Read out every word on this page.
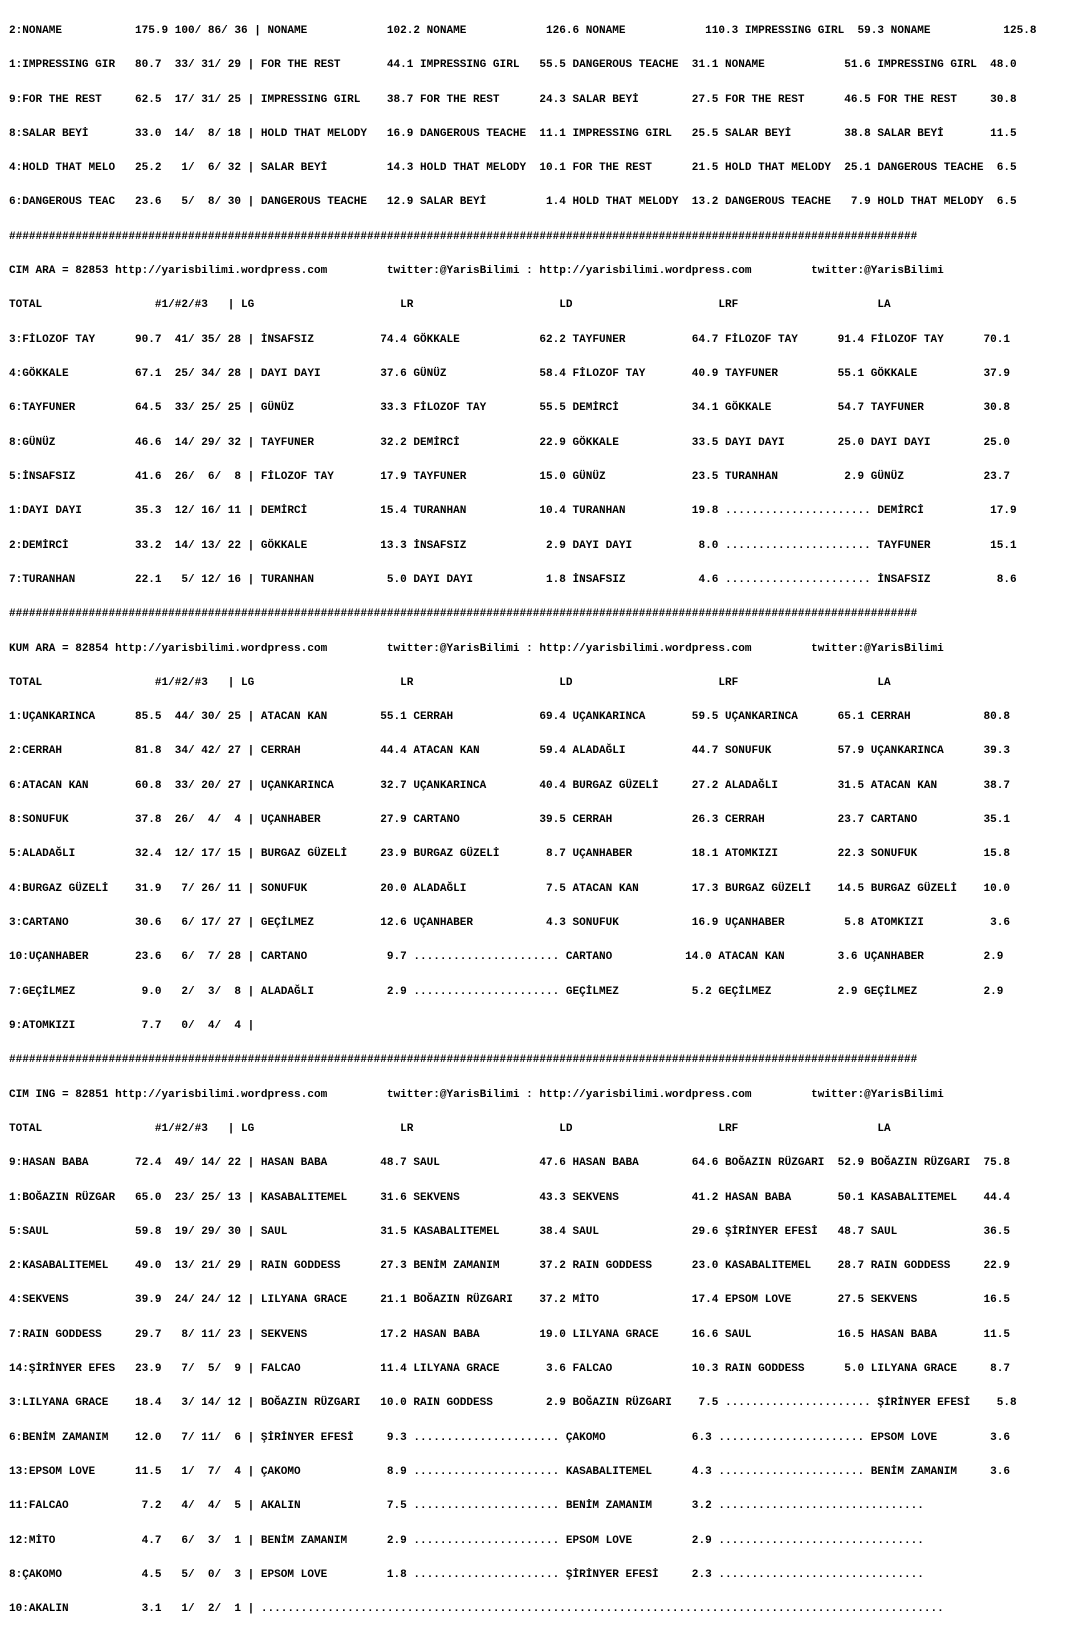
2:NONAME           175.9 100/ 86/ 36 | NONAME            102.2 NONAME            126.6 NONAME            110.3 IMPRESSING GIRL  59.3 NONAME           125.8

1:IMPRESSING GIR   80.7  33/ 31/ 29 | FOR THE REST       44.1 IMPRESSING GIRL   55.5 DANGEROUS TEACHE  31.1 NONAME            51.6 IMPRESSING GIRL  48.0

9:FOR THE REST     62.5  17/ 31/ 25 | IMPRESSING GIRL    38.7 FOR THE REST      24.3 SALAR BEYİ        27.5 FOR THE REST      46.5 FOR THE REST     30.8

8:SALAR BEYİ       33.0  14/  8/ 18 | HOLD THAT MELODY   16.9 DANGEROUS TEACHE  11.1 IMPRESSING GIRL   25.5 SALAR BEYİ        38.8 SALAR BEYİ       11.5

4:HOLD THAT MELO   25.2   1/  6/ 32 | SALAR BEYİ         14.3 HOLD THAT MELODY  10.1 FOR THE REST      21.5 HOLD THAT MELODY  25.1 DANGEROUS TEACHE  6.5

6:DANGEROUS TEAC   23.6   5/  8/ 30 | DANGEROUS TEACHE   12.9 SALAR BEYİ         1.4 HOLD THAT MELODY  13.2 DANGEROUS TEACHE   7.9 HOLD THAT MELODY  6.5

#########################################################################################################################################

CIM ARA = 82853 http://yarisbilimi.wordpress.com         twitter:@YarisBilimi : http://yarisbilimi.wordpress.com         twitter:@YarisBilimi

TOTAL                 #1/#2/#3   | LG                      LR                      LD                      LRF                     LA

3:FİLOZOF TAY      90.7  41/ 35/ 28 | İNSAFSIZ          74.4 GÖKKALE            62.2 TAYFUNER          64.7 FİLOZOF TAY      91.4 FİLOZOF TAY      70.1

4:GÖKKALE          67.1  25/ 34/ 28 | DAYI DAYI         37.6 GÜNÜZ              58.4 FİLOZOF TAY       40.9 TAYFUNER         55.1 GÖKKALE          37.9

6:TAYFUNER         64.5  33/ 25/ 25 | GÜNÜZ             33.3 FİLOZOF TAY        55.5 DEMİRCİ           34.1 GÖKKALE          54.7 TAYFUNER         30.8

8:GÜNÜZ            46.6  14/ 29/ 32 | TAYFUNER          32.2 DEMİRCİ            22.9 GÖKKALE           33.5 DAYI DAYI        25.0 DAYI DAYI        25.0

5:İNSAFSIZ         41.6  26/  6/  8 | FİLOZOF TAY       17.9 TAYFUNER           15.0 GÜNÜZ             23.5 TURANHAN          2.9 GÜNÜZ            23.7

1:DAYI DAYI        35.3  12/ 16/ 11 | DEMİRCİ           15.4 TURANHAN           10.4 TURANHAN          19.8 ...................... DEMİRCİ          17.9

2:DEMİRCİ          33.2  14/ 13/ 22 | GÖKKALE           13.3 İNSAFSIZ            2.9 DAYI DAYI          8.0 ...................... TAYFUNER         15.1

7:TURANHAN         22.1   5/ 12/ 16 | TURANHAN           5.0 DAYI DAYI           1.8 İNSAFSIZ           4.6 ...................... İNSAFSIZ          8.6

#########################################################################################################################################

KUM ARA = 82854 http://yarisbilimi.wordpress.com         twitter:@YarisBilimi : http://yarisbilimi.wordpress.com         twitter:@YarisBilimi

TOTAL                 #1/#2/#3   | LG                      LR                      LD                      LRF                     LA

1:UÇANKARINCA      85.5  44/ 30/ 25 | ATACAN KAN        55.1 CERRAH             69.4 UÇANKARINCA       59.5 UÇANKARINCA      65.1 CERRAH           80.8

2:CERRAH           81.8  34/ 42/ 27 | CERRAH            44.4 ATACAN KAN         59.4 ALADAĞLI          44.7 SONUFUK          57.9 UÇANKARINCA      39.3

6:ATACAN KAN       60.8  33/ 20/ 27 | UÇANKARINCA       32.7 UÇANKARINCA        40.4 BURGAZ GÜZELİ     27.2 ALADAĞLI         31.5 ATACAN KAN       38.7

8:SONUFUK          37.8  26/  4/  4 | UÇANHABER         27.9 CARTANO            39.5 CERRAH            26.3 CERRAH           23.7 CARTANO          35.1

5:ALADAĞLI         32.4  12/ 17/ 15 | BURGAZ GÜZELİ     23.9 BURGAZ GÜZELİ       8.7 UÇANHABER         18.1 ATOMKIZI         22.3 SONUFUK          15.8

4:BURGAZ GÜZELİ    31.9   7/ 26/ 11 | SONUFUK           20.0 ALADAĞLI            7.5 ATACAN KAN        17.3 BURGAZ GÜZELİ    14.5 BURGAZ GÜZELİ    10.0

3:CARTANO          30.6   6/ 17/ 27 | GEÇİLMEZ          12.6 UÇANHABER           4.3 SONUFUK           16.9 UÇANHABER         5.8 ATOMKIZI          3.6

10:UÇANHABER       23.6   6/  7/ 28 | CARTANO            9.7 ...................... CARTANO           14.0 ATACAN KAN        3.6 UÇANHABER         2.9

7:GEÇİLMEZ          9.0   2/  3/  8 | ALADAĞLI           2.9 ...................... GEÇİLMEZ           5.2 GEÇİLMEZ          2.9 GEÇİLMEZ          2.9

9:ATOMKIZI          7.7   0/  4/  4 |

#########################################################################################################################################

CIM ING = 82851 http://yarisbilimi.wordpress.com         twitter:@YarisBilimi : http://yarisbilimi.wordpress.com         twitter:@YarisBilimi

TOTAL                 #1/#2/#3   | LG                      LR                      LD                      LRF                     LA

9:HASAN BABA       72.4  49/ 14/ 22 | HASAN BABA        48.7 SAUL               47.6 HASAN BABA        64.6 BOĞAZIN RÜZGARI  52.9 BOĞAZIN RÜZGARI  75.8

1:BOĞAZIN RÜZGAR   65.0  23/ 25/ 13 | KASABALITEMEL     31.6 SEKVENS            43.3 SEKVENS           41.2 HASAN BABA       50.1 KASABALITEMEL    44.4

5:SAUL             59.8  19/ 29/ 30 | SAUL              31.5 KASABALITEMEL      38.4 SAUL              29.6 ŞİRİNYER EFESİ   48.7 SAUL             36.5

2:KASABALITEMEL    49.0  13/ 21/ 29 | RAIN GODDESS      27.3 BENİM ZAMANIM      37.2 RAIN GODDESS      23.0 KASABALITEMEL    28.7 RAIN GODDESS     22.9

4:SEKVENS          39.9  24/ 24/ 12 | LILYANA GRACE     21.1 BOĞAZIN RÜZGARI    37.2 MİTO              17.4 EPSOM LOVE       27.5 SEKVENS          16.5

7:RAIN GODDESS     29.7   8/ 11/ 23 | SEKVENS           17.2 HASAN BABA         19.0 LILYANA GRACE     16.6 SAUL             16.5 HASAN BABA       11.5

14:ŞİRİNYER EFES   23.9   7/  5/  9 | FALCAO            11.4 LILYANA GRACE       3.6 FALCAO            10.3 RAIN GODDESS      5.0 LILYANA GRACE     8.7

3:LILYANA GRACE    18.4   3/ 14/ 12 | BOĞAZIN RÜZGARI   10.0 RAIN GODDESS        2.9 BOĞAZIN RÜZGARI    7.5 ...................... ŞİRİNYER EFESİ    5.8

6:BENİM ZAMANIM    12.0   7/ 11/  6 | ŞİRİNYER EFESİ     9.3 ...................... ÇAKOMO             6.3 ...................... EPSOM LOVE        3.6

13:EPSOM LOVE      11.5   1/  7/  4 | ÇAKOMO             8.9 ...................... KASABALITEMEL      4.3 ...................... BENİM ZAMANIM     3.6

11:FALCAO           7.2   4/  4/  5 | AKALIN             7.5 ...................... BENİM ZAMANIM      3.2 ...............................

12:MİTO             4.7   6/  3/  1 | BENİM ZAMANIM      2.9 ...................... EPSOM LOVE         2.9 ...............................

8:ÇAKOMO            4.5   5/  0/  3 | EPSOM LOVE         1.8 ...................... ŞİRİNYER EFESİ     2.3 ...............................

10:AKALIN           3.1   1/  2/  1 | .......................................................................................................
